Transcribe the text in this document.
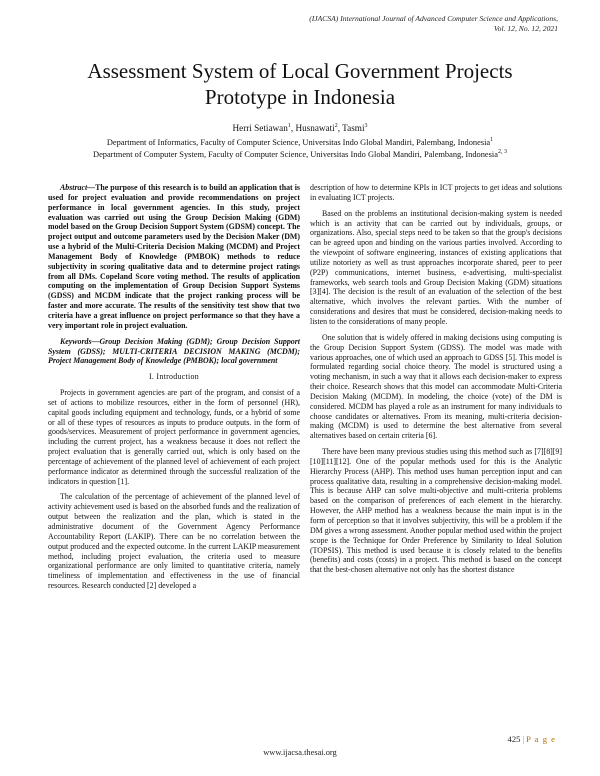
(IJACSA) International Journal of Advanced Computer Science and Applications,
Vol. 12, No. 12, 2021
Assessment System of Local Government Projects
Prototype in Indonesia
Herri Setiawan$^1$, Husnawati$^2$, Tasmi$^3$
Department of Informatics, Faculty of Computer Science, Universitas Indo Global Mandiri, Palembang, Indonesia$^1$
Department of Computer System, Faculty of Computer Science, Universitas Indo Global Mandiri, Palembang, Indonesia$^{2, 3}$

Abstract—The purpose of this research is to build an application that is used for project evaluation and provide recommendations on project performance in local government agencies. In this study, project evaluation was carried out using the Group Decision Making (GDM) model based on the Group Decision Support System (GDSM) concept. The project output and outcome parameters used by the Decision Maker (DM) use a hybrid of the Multi-Criteria Decision Making (MCDM) and Project Management Body of Knowledge (PMBOK) methods to reduce subjectivity in scoring qualitative data and to determine project ratings from all DMs. Copeland Score voting method. The results of application computing on the implementation of Group Decision Support Systems (GDSS) and MCDM indicate that the project ranking process will be faster and more accurate. The results of the sensitivity test show that two criteria have a great influence on project performance so that they have a very important role in project evaluation.

Keywords—Group Decision Making (GDM); Group Decision Support System (GDSS); MULTI-CRITERIA DECISION MAKING (MCDM); Project Management Body of Knowledge (PMBOK); local government

I. Introduction

Projects in government agencies are part of the program, and consist of a set of actions to mobilize resources, either in the form of personnel (HR), capital goods including equipment and technology, funds, or a hybrid of some or all of these types of resources as inputs to produce outputs. in the form of goods/services. Measurement of project performance in government agencies, including the current project, has a weakness because it does not reflect the project evaluation that is generally carried out, which is only based on the percentage of achievement of the planned level of achievement of each project performance indicator as determined through the successful realization of the indicators in question [1].

The calculation of the percentage of achievement of the planned level of activity achievement used is based on the absorbed funds and the realization of output between the realization and the plan, which is stated in the administrative document of the Government Agency Performance Accountability Report (LAKIP). There can be no correlation between the output produced and the expected outcome. In the current LAKIP measurement method, including project evaluation, the criteria used to measure organizational performance are only limited to quantitative criteria, namely timeliness of implementation and effectiveness in the use of financial resources. Research conducted [2] developed a

description of how to determine KPIs in ICT projects to get ideas and solutions in evaluating ICT projects.

Based on the problems an institutional decision-making system is needed which is an activity that can be carried out by individuals, groups, or organizations. Also, special steps need to be taken so that the group's decisions can be agreed upon and binding on the various parties involved. According to the viewpoint of software engineering, instances of existing applications that utilize notoriety as well as trust approaches incorporate shared, peer to peer (P2P) communications, internet business, e-advertising, multi-specialist frameworks, web search tools and Group Decision Making (GDM) situations [3][4]. The decision is the result of an evaluation of the selection of the best alternative, which involves the relevant parties. With the number of considerations and desires that must be considered, decision-making needs to listen to the considerations of many people.

One solution that is widely offered in making decisions using computing is the Group Decision Support System (GDSS). The model was made with various approaches, one of which used an approach to GDSS [5]. This model is formulated regarding social choice theory. The model is structured using a voting mechanism, in such a way that it allows each decision-maker to express their choice. Research shows that this model can accommodate Multi-Criteria Decision Making (MCDM). In modeling, the choice (vote) of the DM is considered. MCDM has played a role as an instrument for many individuals to choose candidates or alternatives. From its meaning, multi-criteria decision-making (MCDM) is used to determine the best alternative from several alternatives based on certain criteria [6].

There have been many previous studies using this method such as [7][8][9][10][11][12]. One of the popular methods used for this is the Analytic Hierarchy Process (AHP). This method uses human perception input and can process qualitative data, resulting in a comprehensive decision-making model. This is because AHP can solve multi-objective and multi-criteria problems based on the comparison of preferences of each element in the hierarchy. However, the AHP method has a weakness because the main input is in the form of perception so that it involves subjectivity, this will be a problem if the DM gives a wrong assessment. Another popular method used within the project scope is the Technique for Order Preference by Similarity to Ideal Solution (TOPSIS). This method is used because it is closely related to the benefits (benefits) and costs (costs) in a project. This method is based on the concept that the best-chosen alternative not only has the shortest distance

425 | P a g e
www.ijacsa.thesai.org
